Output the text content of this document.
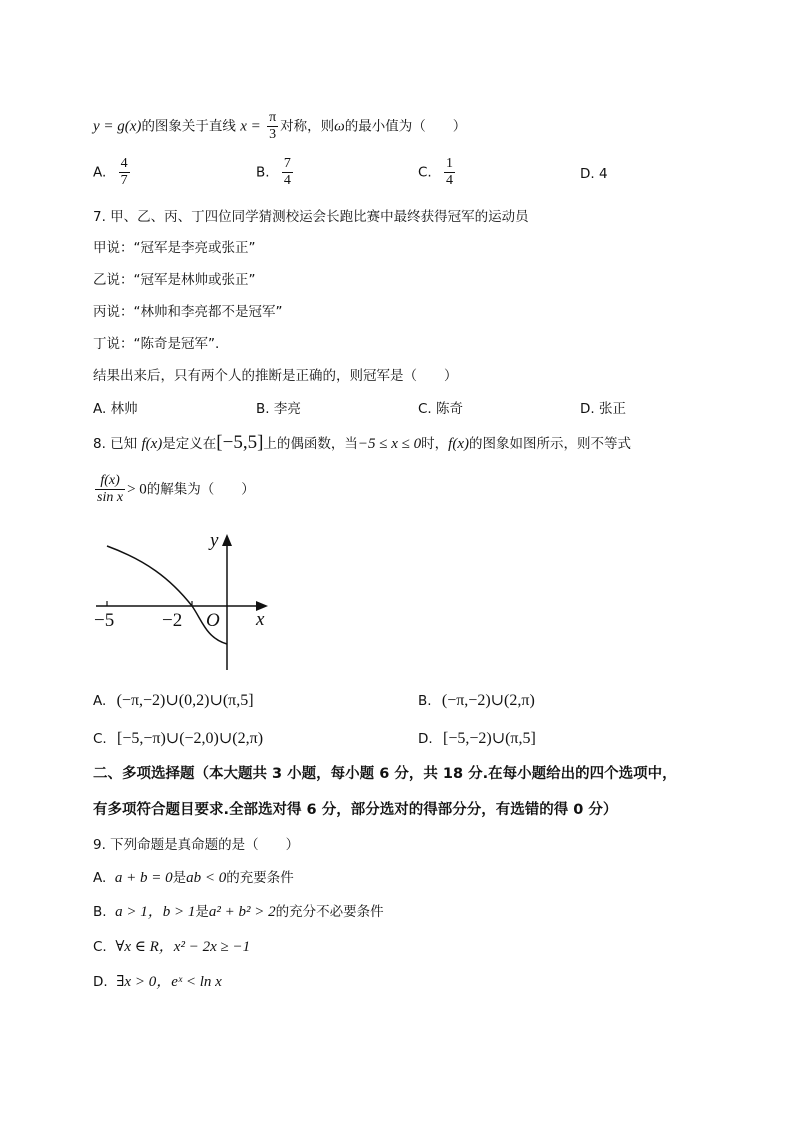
y = g(x)的图象关于直线 $x = \frac{\pi}{3}$ 对称，则ω的最小值为（　　）
A. $\frac{4}{7}$	B. $\frac{7}{4}$	C. $\frac{1}{4}$	D. 4
7. 甲、乙、丙、丁四位同学猜测校运会长跑比赛中最终获得冠军的运动员
甲说：“冠军是李亮或张正”
乙说：“冠军是林帅或张正”
丙说：“林帅和李亮都不是冠军”
丁说：“陈奇是冠军”.
结果出来后，只有两个人的推断是正确的，则冠军是（　　）
A. 林帅	B. 李亮	C. 陈奇	D. 张正
8. 已知 f(x)是定义在[−5,5]上的偶函数，当−5 ≤ x ≤ 0时，f(x)的图象如图所示，则不等式
$\frac{f(x)}{\text{sin x}} > 0$的解集为（　　）
y
x
O
−5	−2
A. (−π,−2)∪(0,2)∪(π,5]	B. (−π,−2)∪(2,π)
C. [−5,−π)∪(−2,0)∪(2,π)	D. [−5,−2)∪(π,5]
二、多项选择题（本大题共 3 小题，每小题 6 分，共 18 分.在每小题给出的四个选项中，
有多项符合题目要求.全部选对得 6 分，部分选对的得部分分，有选错的得 0 分）
9. 下列命题是真命题的是（　　）
A. a + b = 0是ab < 0的充要条件
B. a > 1，b > 1是a² + b² > 2的充分不必要条件
C. ∀x ∈ R，x² − 2x ≥ −1
D. ∃x > 0，eˣ < ln x
